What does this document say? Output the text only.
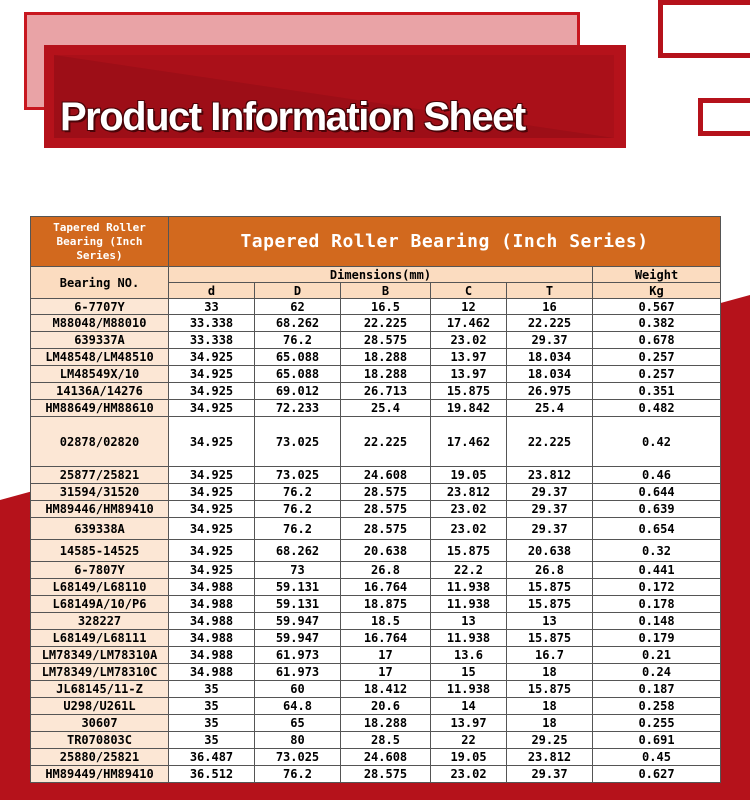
Product Information Sheet
Tapered Roller Bearing (Inch Series)	Tapered Roller Bearing (Inch Series)					
Bearing NO.	Dimensions(mm)					Weight
	d	D	B	C	T	Kg
6-7707Y	33	62	16.5	12	16	0.567
M88048/M88010	33.338	68.262	22.225	17.462	22.225	0.382
639337A	33.338	76.2	28.575	23.02	29.37	0.678
LM48548/LM48510	34.925	65.088	18.288	13.97	18.034	0.257
LM48549X/10	34.925	65.088	18.288	13.97	18.034	0.257
14136A/14276	34.925	69.012	26.713	15.875	26.975	0.351
HM88649/HM88610	34.925	72.233	25.4	19.842	25.4	0.482
02878/02820	34.925	73.025	22.225	17.462	22.225	0.42
25877/25821	34.925	73.025	24.608	19.05	23.812	0.46
31594/31520	34.925	76.2	28.575	23.812	29.37	0.644
HM89446/HM89410	34.925	76.2	28.575	23.02	29.37	0.639
639338A	34.925	76.2	28.575	23.02	29.37	0.654
14585-14525	34.925	68.262	20.638	15.875	20.638	0.32
6-7807Y	34.925	73	26.8	22.2	26.8	0.441
L68149/L68110	34.988	59.131	16.764	11.938	15.875	0.172
L68149A/10/P6	34.988	59.131	18.875	11.938	15.875	0.178
328227	34.988	59.947	18.5	13	13	0.148
L68149/L68111	34.988	59.947	16.764	11.938	15.875	0.179
LM78349/LM78310A	34.988	61.973	17	13.6	16.7	0.21
LM78349/LM78310C	34.988	61.973	17	15	18	0.24
JL68145/11-Z	35	60	18.412	11.938	15.875	0.187
U298/U261L	35	64.8	20.6	14	18	0.258
30607	35	65	18.288	13.97	18	0.255
TR070803C	35	80	28.5	22	29.25	0.691
25880/25821	36.487	73.025	24.608	19.05	23.812	0.45
HM89449/HM89410	36.512	76.2	28.575	23.02	29.37	0.627
